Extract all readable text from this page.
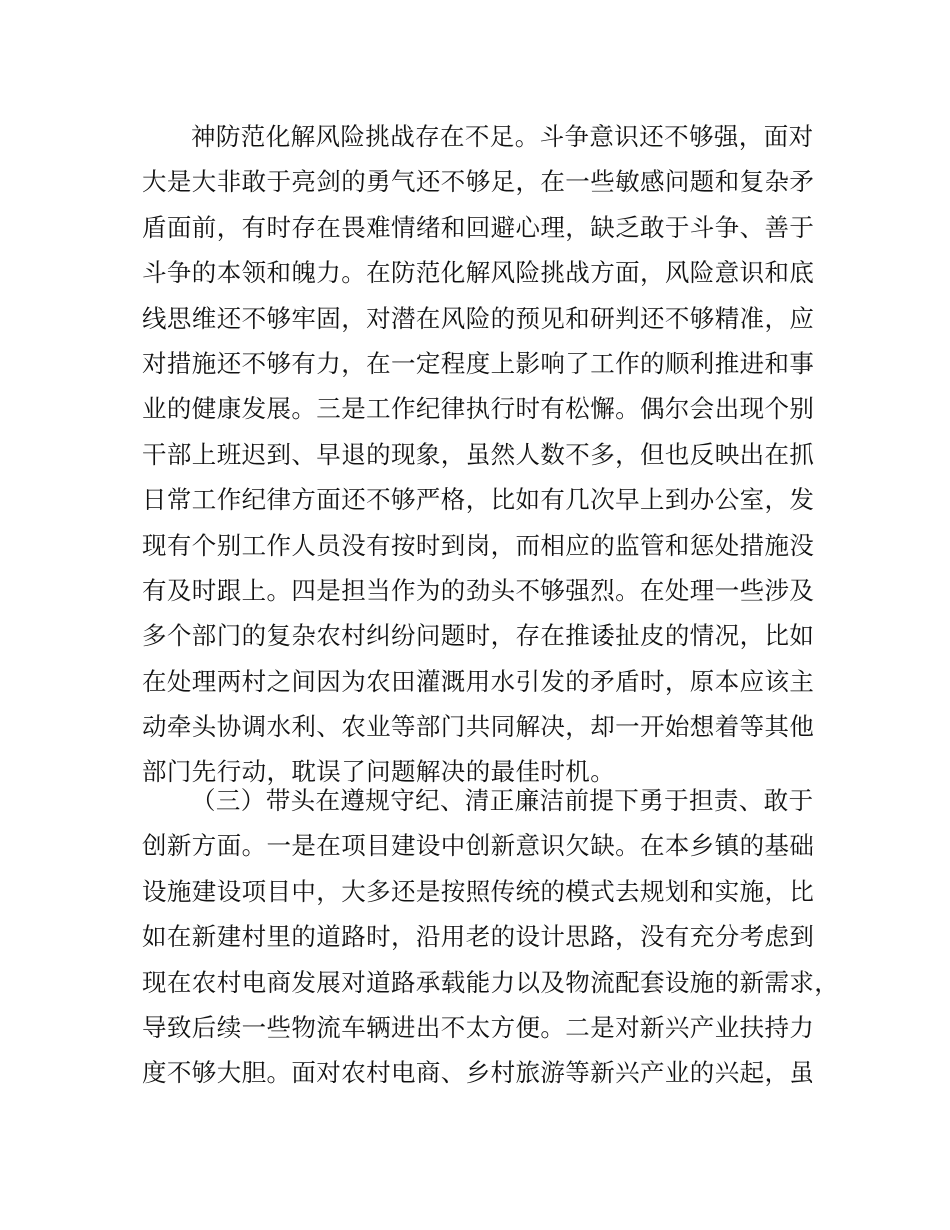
神防范化解风险挑战存在不足。斗争意识还不够强，面对
大是大非敢于亮剑的勇气还不够足，在一些敏感问题和复杂矛
盾面前，有时存在畏难情绪和回避心理，缺乏敢于斗争、善于
斗争的本领和魄力。在防范化解风险挑战方面，风险意识和底
线思维还不够牢固，对潜在风险的预见和研判还不够精准，应
对措施还不够有力，在一定程度上影响了工作的顺利推进和事
业的健康发展。三是工作纪律执行时有松懈。偶尔会出现个别
干部上班迟到、早退的现象，虽然人数不多，但也反映出在抓
日常工作纪律方面还不够严格，比如有几次早上到办公室，发
现有个别工作人员没有按时到岗，而相应的监管和惩处措施没
有及时跟上。四是担当作为的劲头不够强烈。在处理一些涉及
多个部门的复杂农村纠纷问题时，存在推诿扯皮的情况，比如
在处理两村之间因为农田灌溉用水引发的矛盾时，原本应该主
动牵头协调水利、农业等部门共同解决，却一开始想着等其他
部门先行动，耽误了问题解决的最佳时机。
（三）带头在遵规守纪、清正廉洁前提下勇于担责、敢于
创新方面。一是在项目建设中创新意识欠缺。在本乡镇的基础
设施建设项目中，大多还是按照传统的模式去规划和实施，比
如在新建村里的道路时，沿用老的设计思路，没有充分考虑到
现在农村电商发展对道路承载能力以及物流配套设施的新需求，
导致后续一些物流车辆进出不太方便。二是对新兴产业扶持力
度不够大胆。面对农村电商、乡村旅游等新兴产业的兴起，虽
